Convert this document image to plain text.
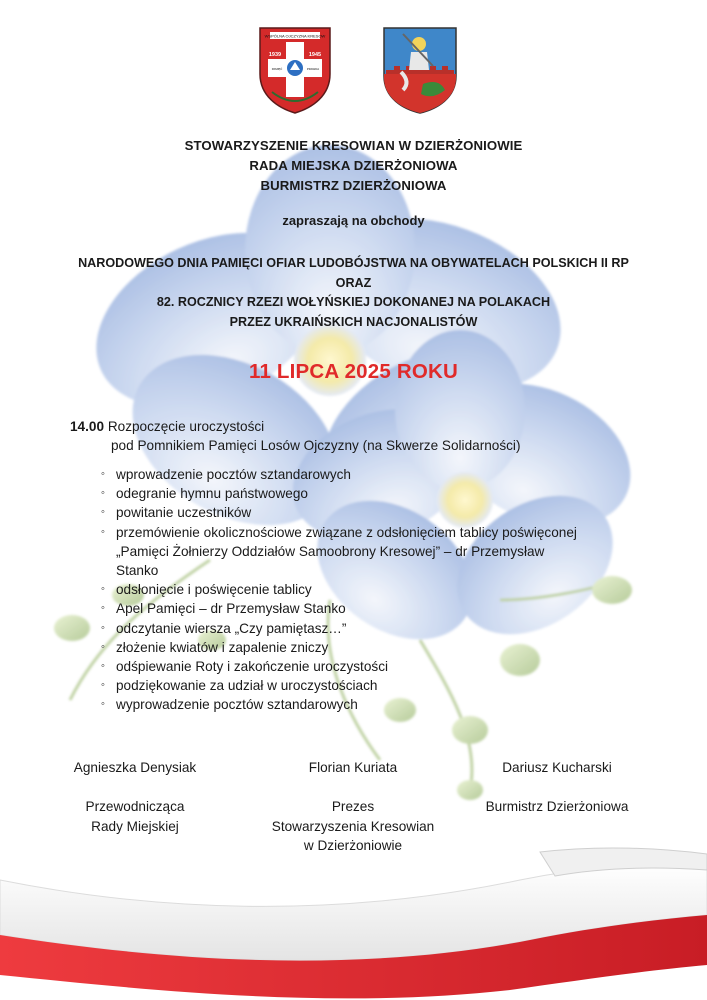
WSPÓLNA OJCZYZNA KRESOW
1939	1945
PAMIĘĆ	PRAWDA
STOWARZYSZENIE KRESOWIAN W DZIERŻONIOWIE
RADA MIEJSKA DZIERŻONIOWA
BURMISTRZ DZIERŻONIOWA
zapraszają na obchody
NARODOWEGO DNIA PAMIĘCI OFIAR LUDOBÓJSTWA NA OBYWATELACH POLSKICH II RP
ORAZ
82. ROCZNICY RZEZI WOŁYŃSKIEJ DOKONANEJ NA POLAKACH
PRZEZ UKRAIŃSKICH NACJONALISTÓW
11 LIPCA 2025 ROKU
14.00 Rozpoczęcie uroczystości
pod Pomnikiem Pamięci Losów Ojczyzny (na Skwerze Solidarności)
◦ wprowadzenie pocztów sztandarowych
◦ odegranie hymnu państwowego
◦ powitanie uczestników
◦ przemówienie okolicznościowe związane z odsłonięciem tablicy poświęconej „Pamięci Żołnierzy Oddziałów Samoobrony Kresowej” – dr Przemysław Stanko
◦ odsłonięcie i poświęcenie tablicy
◦ Apel Pamięci – dr Przemysław Stanko
◦ odczytanie wiersza „Czy pamiętasz…”
◦ złożenie kwiatów i zapalenie zniczy
◦ odśpiewanie Roty i zakończenie uroczystości
◦ podziękowanie za udział w uroczystościach
◦ wyprowadzenie pocztów sztandarowych
Agnieszka Denysiak
Przewodnicząca
Rady Miejskiej
Florian Kuriata
Prezes
Stowarzyszenia Kresowian
w Dzierżoniowie
Dariusz Kucharski
Burmistrz Dzierżoniowa
